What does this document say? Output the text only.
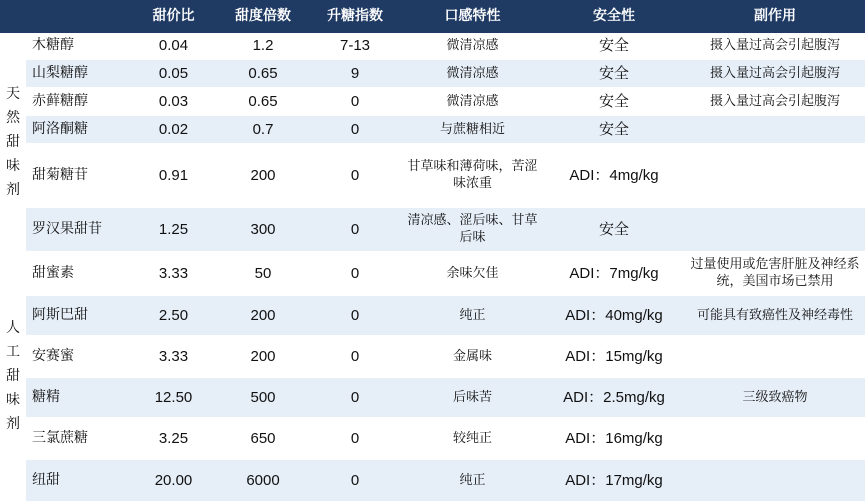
		甜价比	甜度倍数	升糖指数	口感特性	安全性	副作用
天然甜味剂	木糖醇	0.04	1.2	7-13	微清凉感	安全	摄入量过高会引起腹泻
	山梨糖醇	0.05	0.65	9	微清凉感	安全	摄入量过高会引起腹泻
	赤藓糖醇	0.03	0.65	0	微清凉感	安全	摄入量过高会引起腹泻
	阿洛酮糖	0.02	0.7	0	与蔗糖相近	安全	
	甜菊糖苷	0.91	200	0	甘草味和薄荷味，苦涩味浓重	ADI：4mg/kg	
	罗汉果甜苷	1.25	300	0	清凉感、涩后味、甘草后味	安全	
人工甜味剂	甜蜜素	3.33	50	0	余味欠佳	ADI：7mg/kg	过量使用或危害肝脏及神经系统，美国市场已禁用
	阿斯巴甜	2.50	200	0	纯正	ADI：40mg/kg	可能具有致癌性及神经毒性
	安赛蜜	3.33	200	0	金属味	ADI：15mg/kg	
	糖精	12.50	500	0	后味苦	ADI：2.5mg/kg	三级致癌物
	三氯蔗糖	3.25	650	0	较纯正	ADI：16mg/kg	
	纽甜	20.00	6000	0	纯正	ADI：17mg/kg	
